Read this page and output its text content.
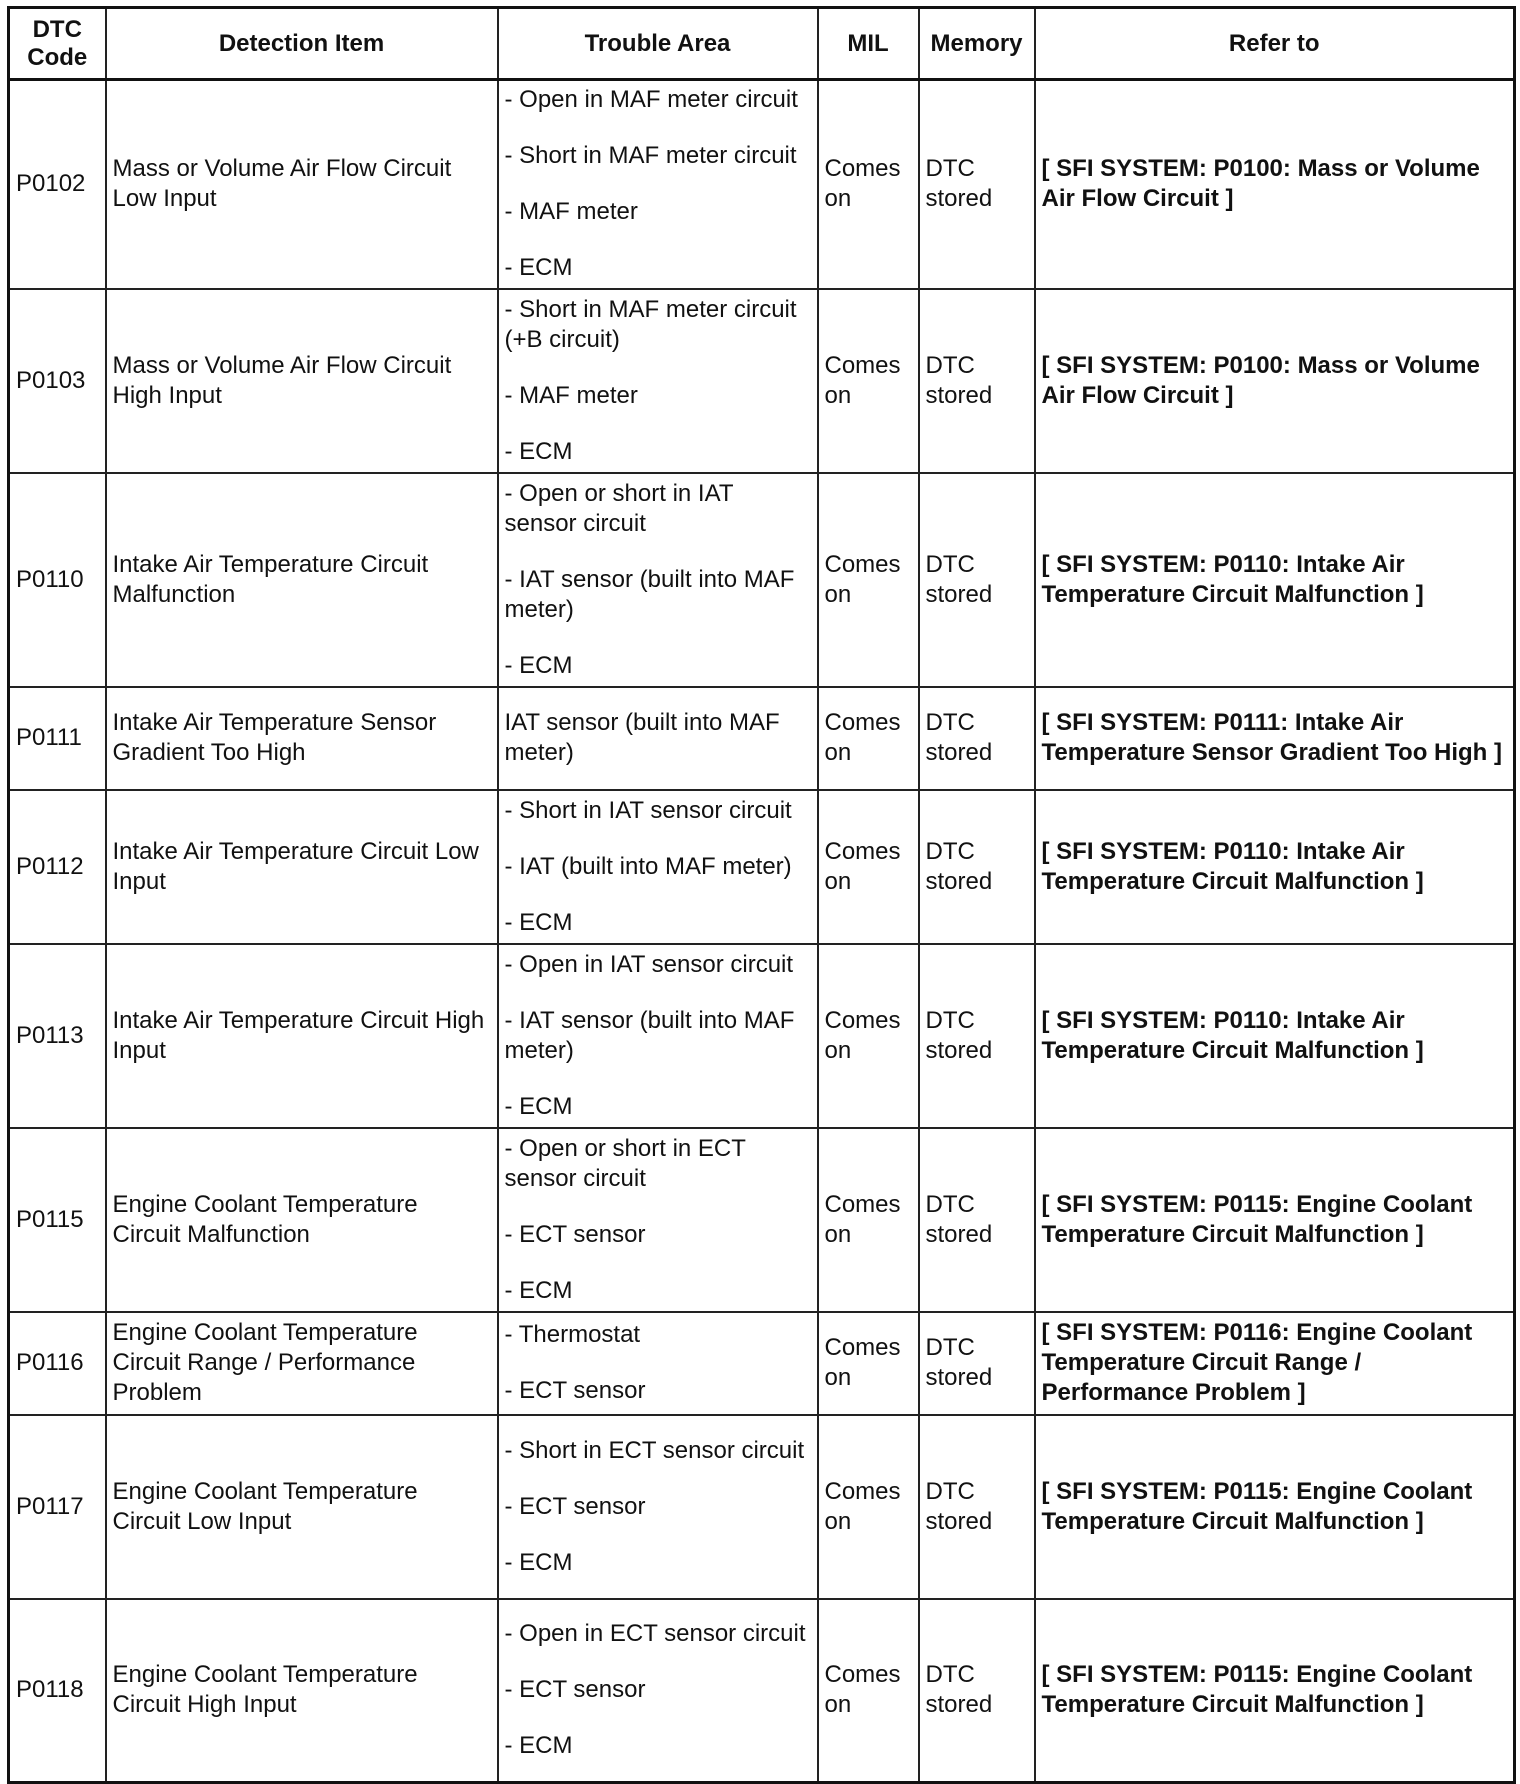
DTC Code	Detection Item	Trouble Area	MIL	Memory	Refer to
P0102	Mass or Volume Air Flow Circuit Low Input	- Open in MAF meter circuit
- Short in MAF meter circuit
- MAF meter
- ECM	Comes on	DTC stored	[ SFI SYSTEM: P0100: Mass or Volume Air Flow Circuit ]
P0103	Mass or Volume Air Flow Circuit High Input	- Short in MAF meter circuit (+B circuit)
- MAF meter
- ECM	Comes on	DTC stored	[ SFI SYSTEM: P0100: Mass or Volume Air Flow Circuit ]
P0110	Intake Air Temperature Circuit Malfunction	- Open or short in IAT sensor circuit
- IAT sensor (built into MAF meter)
- ECM	Comes on	DTC stored	[ SFI SYSTEM: P0110: Intake Air Temperature Circuit Malfunction ]
P0111	Intake Air Temperature Sensor Gradient Too High	IAT sensor (built into MAF meter)	Comes on	DTC stored	[ SFI SYSTEM: P0111: Intake Air Temperature Sensor Gradient Too High ]
P0112	Intake Air Temperature Circuit Low Input	- Short in IAT sensor circuit
- IAT (built into MAF meter)
- ECM	Comes on	DTC stored	[ SFI SYSTEM: P0110: Intake Air Temperature Circuit Malfunction ]
P0113	Intake Air Temperature Circuit High Input	- Open in IAT sensor circuit
- IAT sensor (built into MAF meter)
- ECM	Comes on	DTC stored	[ SFI SYSTEM: P0110: Intake Air Temperature Circuit Malfunction ]
P0115	Engine Coolant Temperature Circuit Malfunction	- Open or short in ECT sensor circuit
- ECT sensor
- ECM	Comes on	DTC stored	[ SFI SYSTEM: P0115: Engine Coolant Temperature Circuit Malfunction ]
P0116	Engine Coolant Temperature Circuit Range / Performance Problem	- Thermostat
- ECT sensor	Comes on	DTC stored	[ SFI SYSTEM: P0116: Engine Coolant Temperature Circuit Range / Performance Problem ]
P0117	Engine Coolant Temperature Circuit Low Input	- Short in ECT sensor circuit
- ECT sensor
- ECM	Comes on	DTC stored	[ SFI SYSTEM: P0115: Engine Coolant Temperature Circuit Malfunction ]
P0118	Engine Coolant Temperature Circuit High Input	- Open in ECT sensor circuit
- ECT sensor
- ECM	Comes on	DTC stored	[ SFI SYSTEM: P0115: Engine Coolant Temperature Circuit Malfunction ]
